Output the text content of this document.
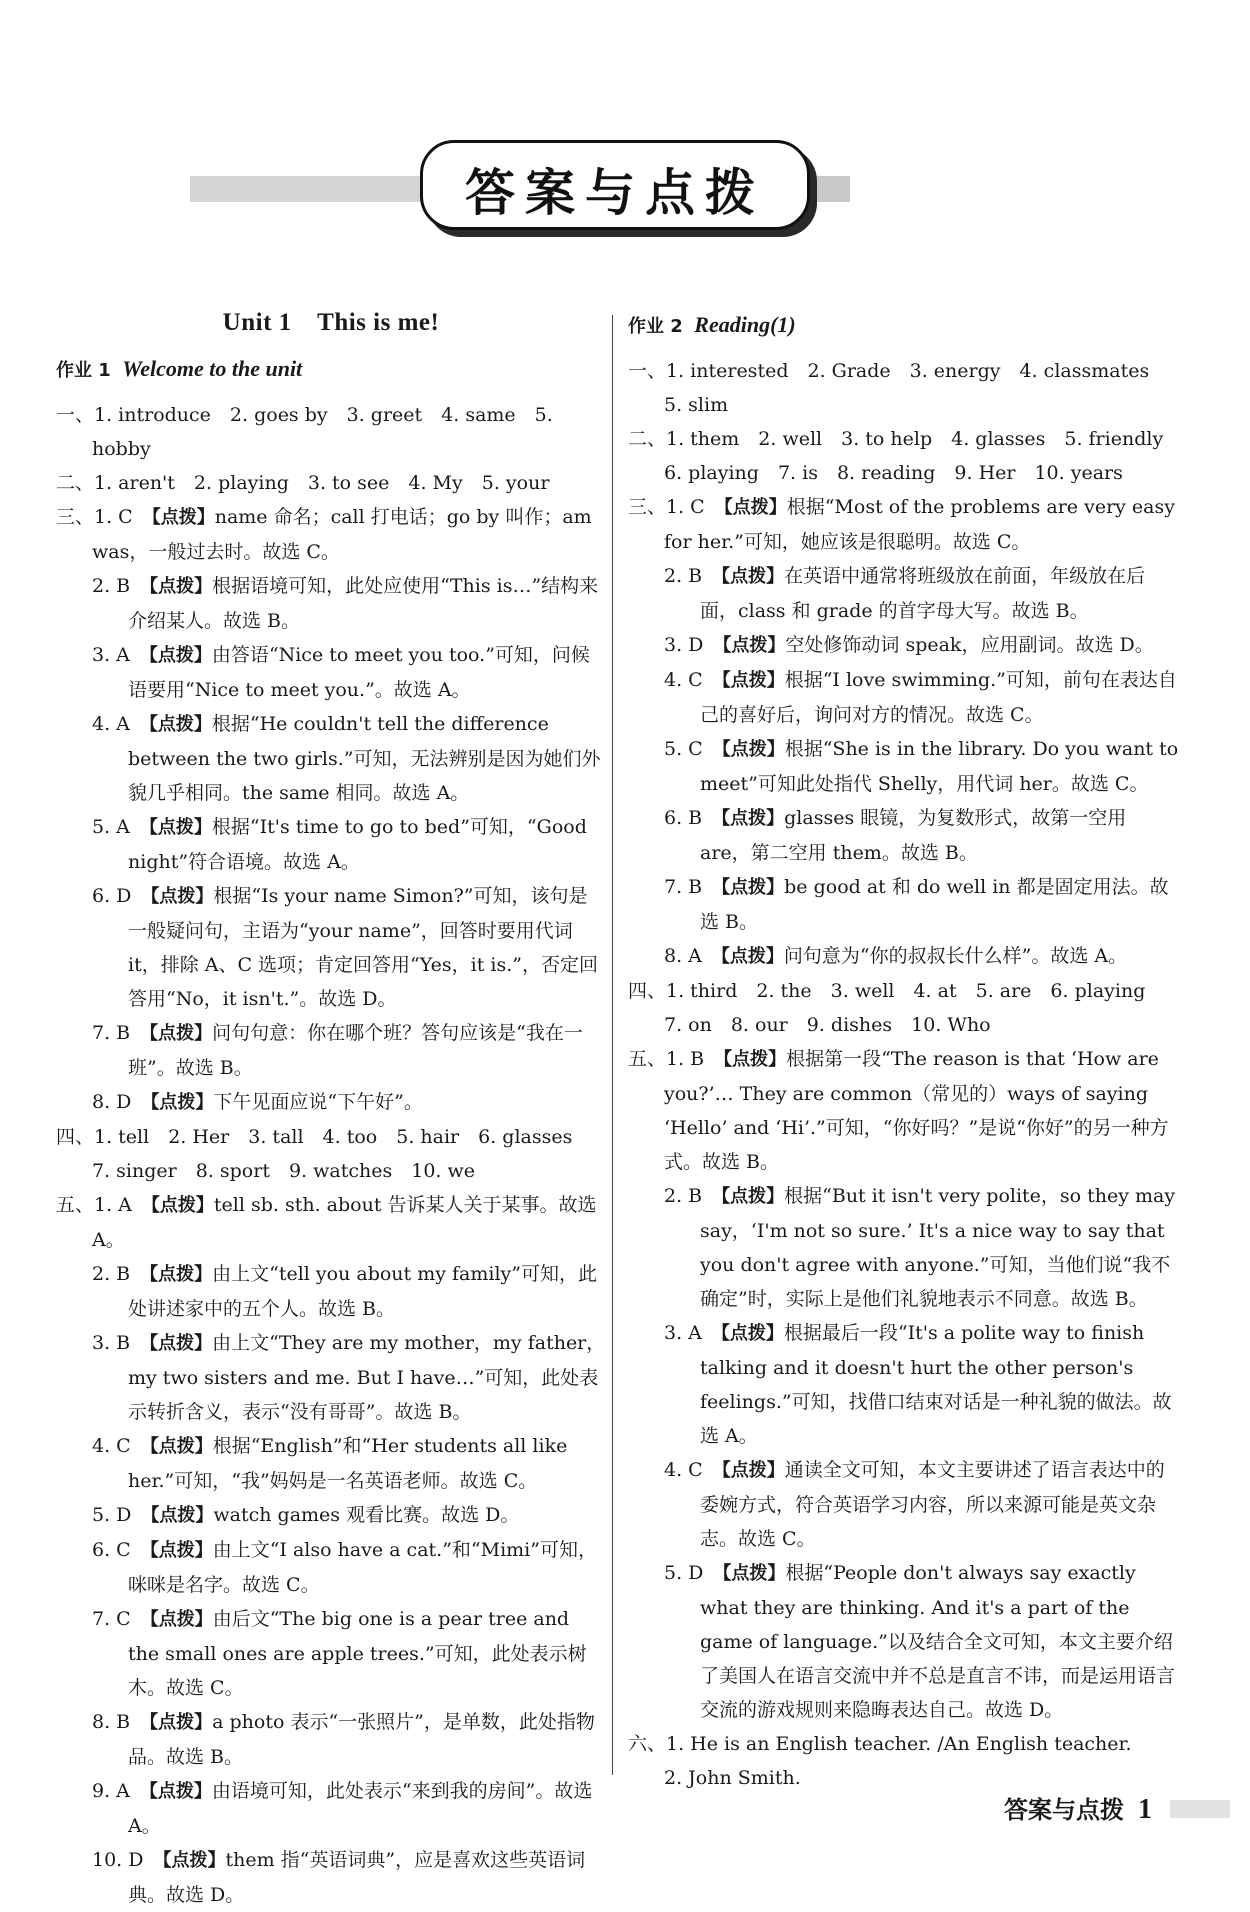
答案与点拨
Unit 1　This is me!
作业 1 Welcome to the unit
一、1. introduce　2. goes by　3. greet　4. same　5. hobby
二、1. aren't　2. playing　3. to see　4. My　5. your
三、1. C　【点拨】name 命名；call 打电话；go by 叫作；am was，一般过去时。故选 C。
2. B　【点拨】根据语境可知，此处应使用“This is…”结构来介绍某人。故选 B。
3. A　【点拨】由答语“Nice to meet you too.”可知，问候语要用“Nice to meet you.”。故选 A。
4. A　【点拨】根据“He couldn't tell the difference between the two girls.”可知，无法辨别是因为她们外貌几乎相同。the same 相同。故选 A。
5. A　【点拨】根据“It's time to go to bed”可知，“Good night”符合语境。故选 A。
6. D　【点拨】根据“Is your name Simon?”可知，该句是一般疑问句，主语为“your name”，回答时要用代词 it，排除 A、C 选项；肯定回答用“Yes，it is.”，否定回答用“No，it isn't.”。故选 D。
7. B　【点拨】问句句意：你在哪个班？答句应该是“我在一班”。故选 B。
8. D　【点拨】下午见面应说“下午好”。
四、1. tell　2. Her　3. tall　4. too　5. hair　6. glasses
7. singer　8. sport　9. watches　10. we
五、1. A　【点拨】tell sb. sth. about 告诉某人关于某事。故选 A。
2. B　【点拨】由上文“tell you about my family”可知，此处讲述家中的五个人。故选 B。
3. B　【点拨】由上文“They are my mother，my father，my two sisters and me. But I have…”可知，此处表示转折含义，表示“没有哥哥”。故选 B。
4. C　【点拨】根据“English”和“Her students all like her.”可知，“我”妈妈是一名英语老师。故选 C。
5. D　【点拨】watch games 观看比赛。故选 D。
6. C　【点拨】由上文“I also have a cat.”和“Mimi”可知，咪咪是名字。故选 C。
7. C　【点拨】由后文“The big one is a pear tree and the small ones are apple trees.”可知，此处表示树木。故选 C。
8. B　【点拨】a photo 表示“一张照片”，是单数，此处指物品。故选 B。
9. A　【点拨】由语境可知，此处表示“来到我的房间”。故选 A。
10. D　【点拨】them 指“英语词典”，应是喜欢这些英语词典。故选 D。
作业 2 Reading(1)
一、1. interested　2. Grade　3. energy　4. classmates
5. slim
二、1. them　2. well　3. to help　4. glasses　5. friendly
6. playing　7. is　8. reading　9. Her　10. years
三、1. C　【点拨】根据“Most of the problems are very easy for her.”可知，她应该是很聪明。故选 C。
2. B　【点拨】在英语中通常将班级放在前面，年级放在后面，class 和 grade 的首字母大写。故选 B。
3. D　【点拨】空处修饰动词 speak，应用副词。故选 D。
4. C　【点拨】根据“I love swimming.”可知，前句在表达自己的喜好后，询问对方的情况。故选 C。
5. C　【点拨】根据“She is in the library. Do you want to meet”可知此处指代 Shelly，用代词 her。故选 C。
6. B　【点拨】glasses 眼镜，为复数形式，故第一空用 are，第二空用 them。故选 B。
7. B　【点拨】be good at 和 do well in 都是固定用法。故选 B。
8. A　【点拨】问句意为“你的叔叔长什么样”。故选 A。
四、1. third　2. the　3. well　4. at　5. are　6. playing
7. on　8. our　9. dishes　10. Who
五、1. B　【点拨】根据第一段“The reason is that ‘How are you?’… They are common（常见的）ways of saying ‘Hello’ and ‘Hi’.”可知，“你好吗？”是说“你好”的另一种方式。故选 B。
2. B　【点拨】根据“But it isn't very polite，so they may say，‘I'm not so sure.’ It's a nice way to say that you don't agree with anyone.”可知，当他们说“我不确定”时，实际上是他们礼貌地表示不同意。故选 B。
3. A　【点拨】根据最后一段“It's a polite way to finish talking and it doesn't hurt the other person's feelings.”可知，找借口结束对话是一种礼貌的做法。故选 A。
4. C　【点拨】通读全文可知，本文主要讲述了语言表达中的委婉方式，符合英语学习内容，所以来源可能是英文杂志。故选 C。
5. D　【点拨】根据“People don't always say exactly what they are thinking. And it's a part of the game of language.”以及结合全文可知，本文主要介绍了美国人在语言交流中并不总是直言不讳，而是运用语言交流的游戏规则来隐晦表达自己。故选 D。
六、1. He is an English teacher. /An English teacher.
2. John Smith.
答案与点拨 1
